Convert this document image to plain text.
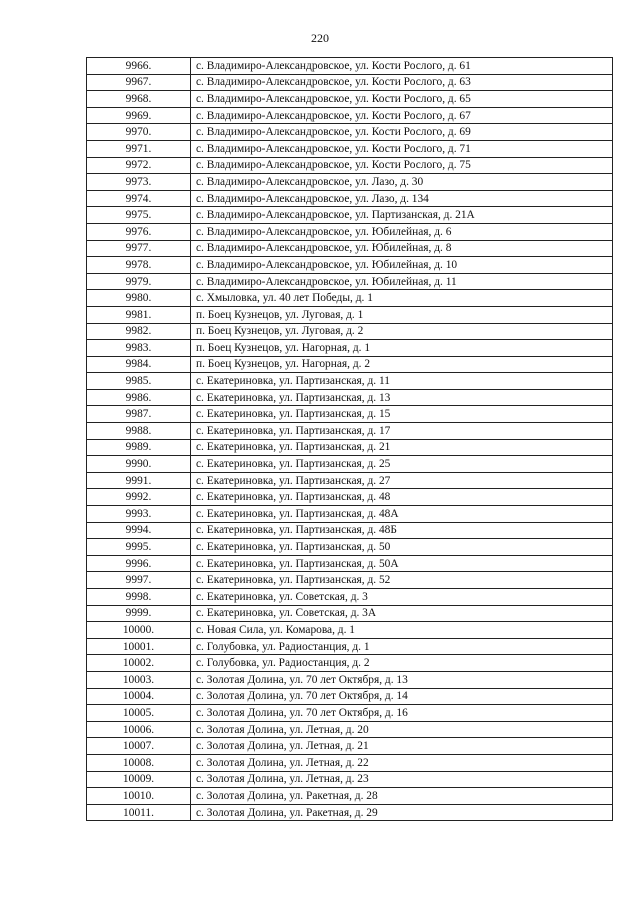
220
9966.	с. Владимиро-Александровское, ул. Кости Рослого, д. 61
9967.	с. Владимиро-Александровское, ул. Кости Рослого, д. 63
9968.	с. Владимиро-Александровское, ул. Кости Рослого, д. 65
9969.	с. Владимиро-Александровское, ул. Кости Рослого, д. 67
9970.	с. Владимиро-Александровское, ул. Кости Рослого, д. 69
9971.	с. Владимиро-Александровское, ул. Кости Рослого, д. 71
9972.	с. Владимиро-Александровское, ул. Кости Рослого, д. 75
9973.	с. Владимиро-Александровское, ул. Лазо, д. 30
9974.	с. Владимиро-Александровское, ул. Лазо, д. 134
9975.	с. Владимиро-Александровское, ул. Партизанская, д. 21А
9976.	с. Владимиро-Александровское, ул. Юбилейная, д. 6
9977.	с. Владимиро-Александровское, ул. Юбилейная, д. 8
9978.	с. Владимиро-Александровское, ул. Юбилейная, д. 10
9979.	с. Владимиро-Александровское, ул. Юбилейная, д. 11
9980.	с. Хмыловка, ул. 40 лет Победы, д. 1
9981.	п. Боец Кузнецов, ул. Луговая, д. 1
9982.	п. Боец Кузнецов, ул. Луговая, д. 2
9983.	п. Боец Кузнецов, ул. Нагорная, д. 1
9984.	п. Боец Кузнецов, ул. Нагорная, д. 2
9985.	с. Екатериновка, ул. Партизанская, д. 11
9986.	с. Екатериновка, ул. Партизанская, д. 13
9987.	с. Екатериновка, ул. Партизанская, д. 15
9988.	с. Екатериновка, ул. Партизанская, д. 17
9989.	с. Екатериновка, ул. Партизанская, д. 21
9990.	с. Екатериновка, ул. Партизанская, д. 25
9991.	с. Екатериновка, ул. Партизанская, д. 27
9992.	с. Екатериновка, ул. Партизанская, д. 48
9993.	с. Екатериновка, ул. Партизанская, д. 48А
9994.	с. Екатериновка, ул. Партизанская, д. 48Б
9995.	с. Екатериновка, ул. Партизанская, д. 50
9996.	с. Екатериновка, ул. Партизанская, д. 50А
9997.	с. Екатериновка, ул. Партизанская, д. 52
9998.	с. Екатериновка, ул. Советская, д. 3
9999.	с. Екатериновка, ул. Советская, д. 3А
10000.	с. Новая Сила, ул. Комарова, д. 1
10001.	с. Голубовка, ул. Радиостанция, д. 1
10002.	с. Голубовка, ул. Радиостанция, д. 2
10003.	с. Золотая Долина, ул. 70 лет Октября, д. 13
10004.	с. Золотая Долина, ул. 70 лет Октября, д. 14
10005.	с. Золотая Долина, ул. 70 лет Октября, д. 16
10006.	с. Золотая Долина, ул. Летная, д. 20
10007.	с. Золотая Долина, ул. Летная, д. 21
10008.	с. Золотая Долина, ул. Летная, д. 22
10009.	с. Золотая Долина, ул. Летная, д. 23
10010.	с. Золотая Долина, ул. Ракетная, д. 28
10011.	с. Золотая Долина, ул. Ракетная, д. 29
